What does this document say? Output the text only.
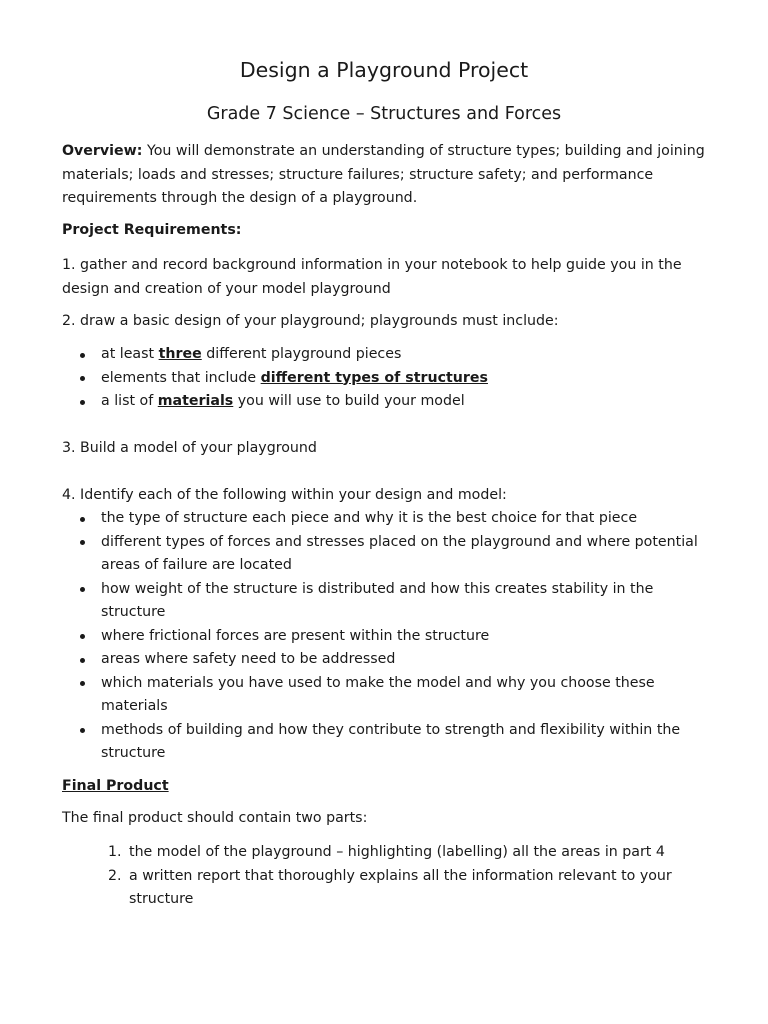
Design a Playground Project
Grade 7 Science – Structures and Forces

Overview: You will demonstrate an understanding of structure types; building and joining materials; loads and stresses; structure failures; structure safety; and performance requirements through the design of a playground.

Project Requirements:

1. gather and record background information in your notebook to help guide you in the design and creation of your model playground

2. draw a basic design of your playground; playgrounds must include:

at least three different playground pieces
elements that include different types of structures
a list of materials you will use to build your model

3. Build a model of your playground

4. Identify each of the following within your design and model:

the type of structure each piece and why it is the best choice for that piece
different types of forces and stresses placed on the playground and where potential areas of failure are located
how weight of the structure is distributed and how this creates stability in the structure
where frictional forces are present within the structure
areas where safety need to be addressed
which materials you have used to make the model and why you choose these materials
methods of building and how they contribute to strength and flexibility within the structure

Final Product

The final product should contain two parts:

1. the model of the playground – highlighting (labelling) all the areas in part 4
2. a written report that thoroughly explains all the information relevant to your structure
